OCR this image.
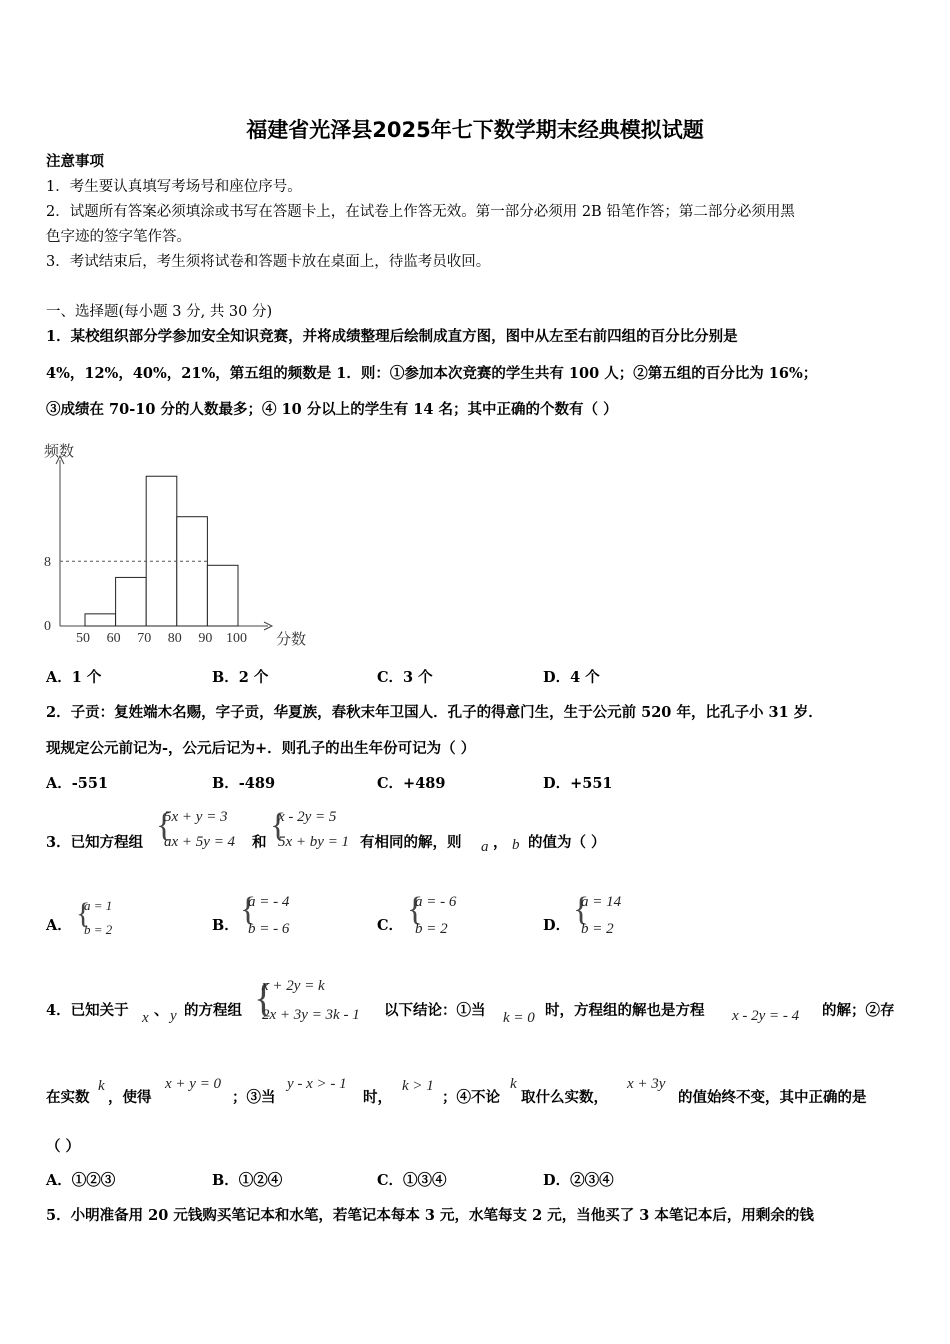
福建省光泽县2025年七下数学期末经典模拟试题
注意事项
1．考生要认真填写考场号和座位序号。
2．试题所有答案必须填涂或书写在答题卡上，在试卷上作答无效。第一部分必须用 2B 铅笔作答；第二部分必须用黑
色字迹的签字笔作答。
3．考试结束后，考生须将试卷和答题卡放在桌面上，待监考员收回。
一、选择题(每小题 3 分, 共 30 分)
1．某校组织部分学参加安全知识竞赛，并将成绩整理后绘制成直方图，图中从左至右前四组的百分比分别是
4%，12%，40%，21%，第五组的频数是 1．则：①参加本次竞赛的学生共有 100 人；②第五组的百分比为 16%；
③成绩在 70-10 分的人数最多；④ 10 分以上的学生有 14 名；其中正确的个数有（ ）
0
8
50 60 70 80 90 100
频数
分数
A．1 个	B．2 个	C．3 个	D．4 个
2．子贡：复姓端木名赐，字子贡，华夏族，春秋末年卫国人．孔子的得意门生，生于公元前 520 年，比孔子小 31 岁．
现规定公元前记为-，公元后记为+．则孔子的出生年份可记为（ ）
A．-551	B．-489	C．+489	D．+551
3．已知方程组 {
5x + y = 3
ax + 5y = 4 和 {
x - 2y = 5
5x + by = 1 有相同的解，则 a ， b 的值为（ ）
A． {
a = 1
b = 2	B． {
a = - 4
b = - 6	C． {
a = - 6
b = 2	D． {
a = 14
b = 2
4．已知关于 x 、 y 的方程组 {
x + 2y = k
2x + 3y = 3k - 1 以下结论：①当 k = 0 时，方程组的解也是方程 x - 2y = - 4 的解；②存
在实数
k
，使得
x + y = 0
；③当
y - x > - 1
时，
k > 1
；④不论
k
取什么实数，
x + 3y
的值始终不变，其中正确的是
（ ）
A．①②③	B．①②④	C．①③④	D．②③④
5．小明准备用 20 元钱购买笔记本和水笔，若笔记本每本 3 元，水笔每支 2 元，当他买了 3 本笔记本后，用剩余的钱
